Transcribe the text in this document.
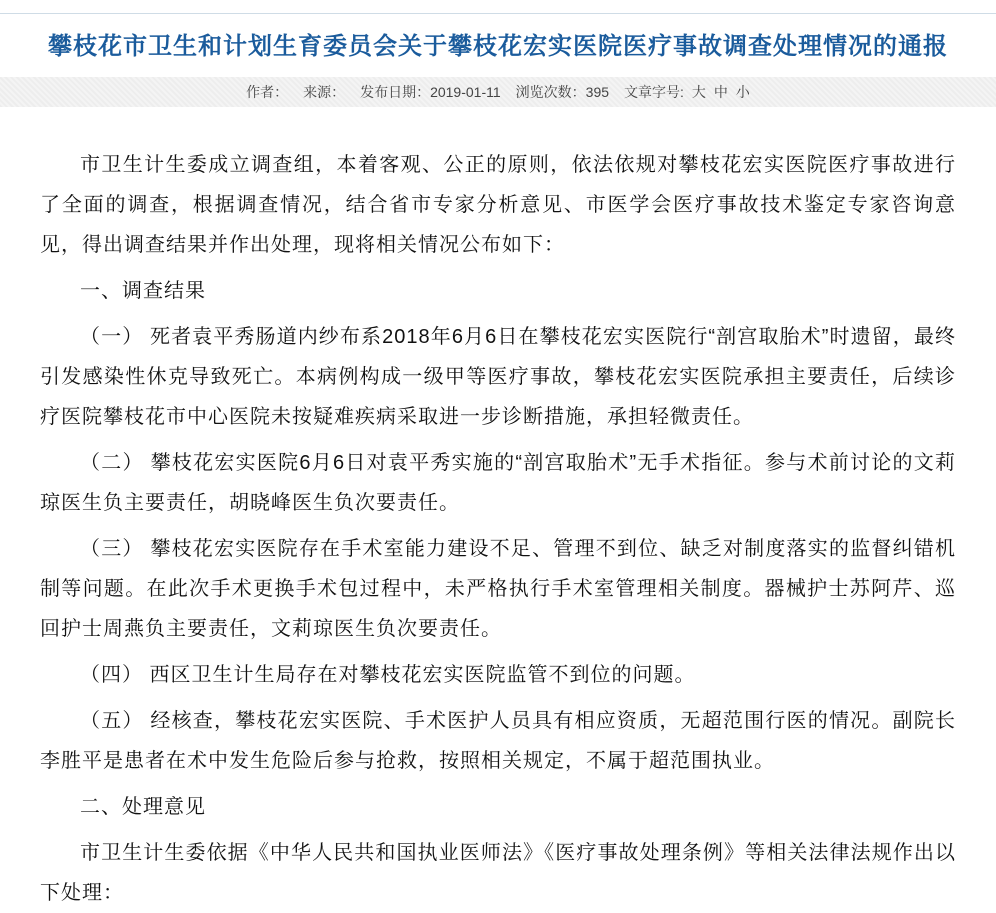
攀枝花市卫生和计划生育委员会关于攀枝花宏实医院医疗事故调查处理情况的通报
作者： 来源： 发布日期：2019-01-11 浏览次数：395 文章字号: 大 中 小

市卫生计生委成立调查组，本着客观、公正的原则，依法依规对攀枝花宏实医院医疗事故进行了全面的调查，根据调查情况，结合省市专家分析意见、市医学会医疗事故技术鉴定专家咨询意见，得出调查结果并作出处理，现将相关情况公布如下：

一、调查结果

（一） 死者袁平秀肠道内纱布系2018年6月6日在攀枝花宏实医院行“剖宫取胎术”时遗留，最终引发感染性休克导致死亡。本病例构成一级甲等医疗事故，攀枝花宏实医院承担主要责任，后续诊疗医院攀枝花市中心医院未按疑难疾病采取进一步诊断措施，承担轻微责任。

（二） 攀枝花宏实医院6月6日对袁平秀实施的“剖宫取胎术”无手术指征。参与术前讨论的文莉琼医生负主要责任，胡晓峰医生负次要责任。

（三） 攀枝花宏实医院存在手术室能力建设不足、管理不到位、缺乏对制度落实的监督纠错机制等问题。在此次手术更换手术包过程中，未严格执行手术室管理相关制度。器械护士苏阿芹、巡回护士周燕负主要责任，文莉琼医生负次要责任。

（四） 西区卫生计生局存在对攀枝花宏实医院监管不到位的问题。

（五） 经核查，攀枝花宏实医院、手术医护人员具有相应资质，无超范围行医的情况。副院长李胜平是患者在术中发生危险后参与抢救，按照相关规定，不属于超范围执业。

二、处理意见

市卫生计生委依据《中华人民共和国执业医师法》《医疗事故处理条例》等相关法律法规作出以下处理：
